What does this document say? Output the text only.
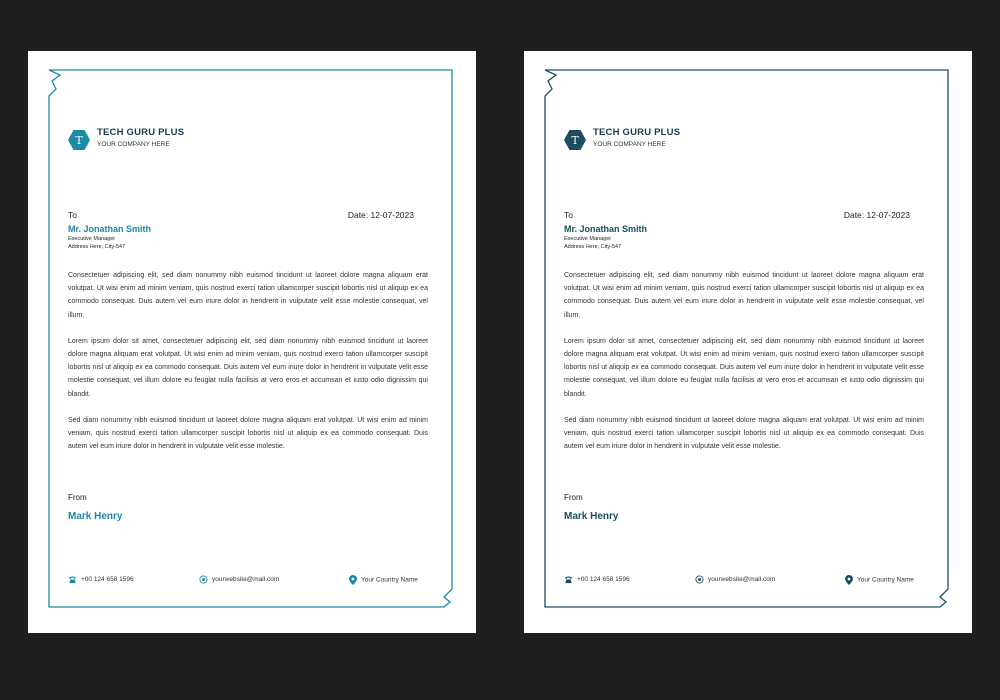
T
TECH GURU PLUS
YOUR COMPANY HERE
To
Mr. Jonathan Smith
Executive Manager
Address Here, City-547
Date: 12-07-2023

Consectetuer adipiscing elit, sed diam nonummy nibh euismod tincidunt ut laoreet dolore magna aliquam erat volutpat. Ut wisi enim ad minim veniam, quis nostrud exerci tation ullamcorper suscipit lobortis nisl ut aliquip ex ea commodo consequat. Duis autem vel eum iriure dolor in hendrerit in vulputate velit esse molestie consequat, vel illum.

Lorem ipsum dolor sit amet, consectetuer adipiscing elit, sed diam nonummy nibh euismod tincidunt ut laoreet dolore magna aliquam erat volutpat. Ut wisi enim ad minim veniam, quis nostrud exerci tation ullamcorper suscipit lobortis nisl ut aliquip ex ea commodo consequat. Duis autem vel eum iriure dolor in hendrerit in vulputate velit esse molestie consequat, vel illum dolore eu feugiat nulla facilisis at vero eros et accumsan et iusto odio dignissim qui blandit.

Sed diam nonummy nibh euismod tincidunt ut laoreet dolore magna aliquam erat volutpat. Ut wisi enim ad minim veniam, quis nostrud exerci tation ullamcorper suscipit lobortis nisl ut aliquip ex ea commodo consequat. Duis autem vel eum iriure dolor in hendrerit in vulputate velit esse molestie.

From
Mark Henry
+00 124 658 1596	yourwebsite@mail.com	Your Country Name
T
TECH GURU PLUS
YOUR COMPANY HERE
To
Mr. Jonathan Smith
Executive Manager
Address Here, City-547
Date: 12-07-2023

Consectetuer adipiscing elit, sed diam nonummy nibh euismod tincidunt ut laoreet dolore magna aliquam erat volutpat. Ut wisi enim ad minim veniam, quis nostrud exerci tation ullamcorper suscipit lobortis nisl ut aliquip ex ea commodo consequat. Duis autem vel eum iriure dolor in hendrerit in vulputate velit esse molestie consequat, vel illum.

Lorem ipsum dolor sit amet, consectetuer adipiscing elit, sed diam nonummy nibh euismod tincidunt ut laoreet dolore magna aliquam erat volutpat. Ut wisi enim ad minim veniam, quis nostrud exerci tation ullamcorper suscipit lobortis nisl ut aliquip ex ea commodo consequat. Duis autem vel eum iriure dolor in hendrerit in vulputate velit esse molestie consequat, vel illum dolore eu feugiat nulla facilisis at vero eros et accumsan et iusto odio dignissim qui blandit.

Sed diam nonummy nibh euismod tincidunt ut laoreet dolore magna aliquam erat volutpat. Ut wisi enim ad minim veniam, quis nostrud exerci tation ullamcorper suscipit lobortis nisl ut aliquip ex ea commodo consequat. Duis autem vel eum iriure dolor in hendrerit in vulputate velit esse molestie.

From
Mark Henry
+00 124 658 1596	yourwebsite@mail.com	Your Country Name
